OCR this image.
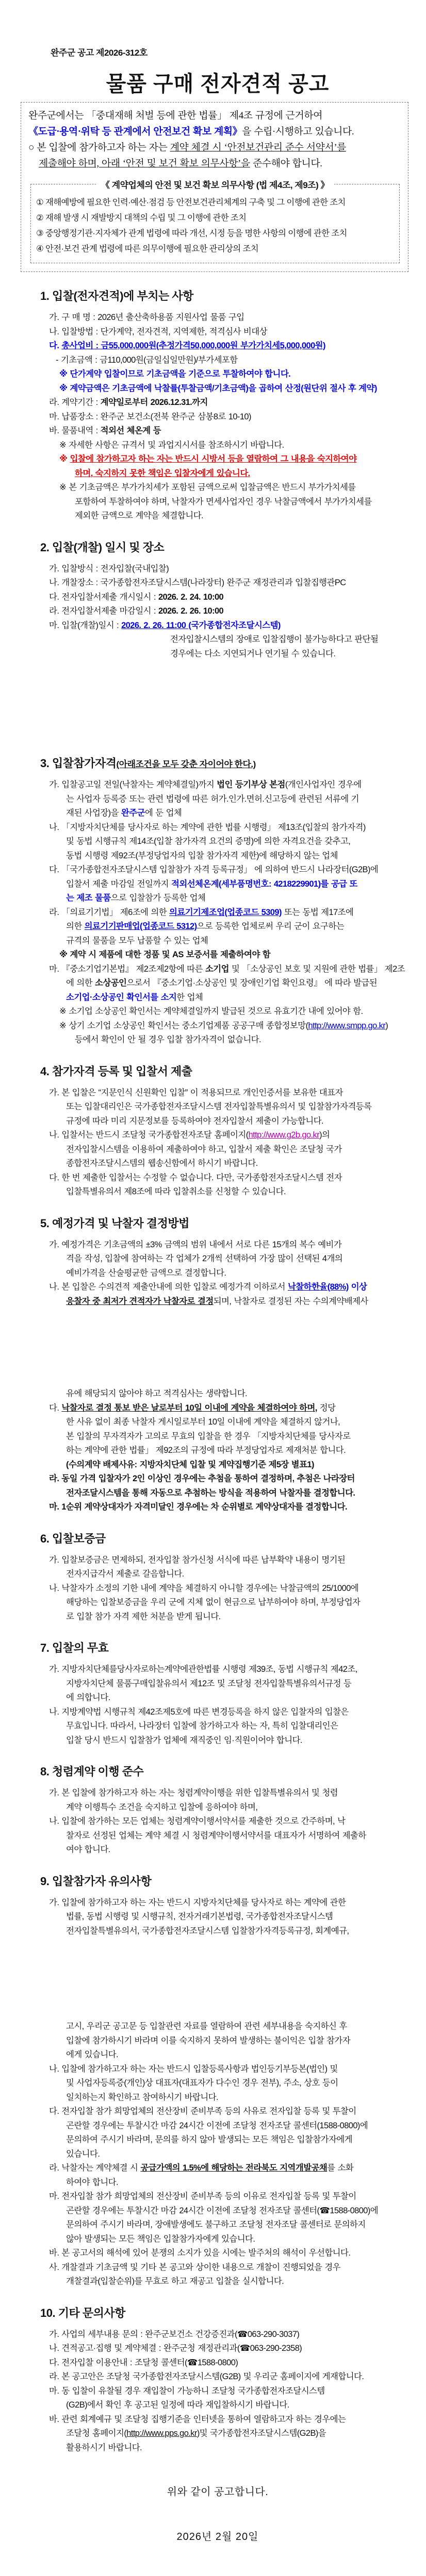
완주군 공고 제2026-312호
물품 구매 전자견적 공고
완주군에서는 「중대재해 처벌 등에 관한 법률」 제4조 규정에 근거하여
《도급·용역·위탁 등 관계에서 안전보건 확보 계획》을 수립·시행하고 있습니다.
○ 본 입찰에 참가하고자 하는 자는 계약 체결 시 ‘안전보건관리 준수 서약서’를
제출해야 하며, 아래 ‘안전 및 보건 확보 의무사항’을 준수해야 합니다.
《 계약업체의 안전 및 보건 확보 의무사항 (법 제4조, 제9조) 》
① 재해예방에 필요한 인력·예산·점검 등 안전보건관리체계의 구축 및 그 이행에 관한 조치
② 재해 발생 시 재발방지 대책의 수립 및 그 이행에 관한 조치
③ 중앙행정기관·지자체가 관계 법령에 따라 개선, 시정 등을 명한 사항의 이행에 관한 조치
④ 안전·보건 관계 법령에 따른 의무이행에 필요한 관리상의 조치
1. 입찰(전자견적)에 부치는 사항
가. 구 매 명 : 2026년 출산축하용품 지원사업 물품 구입
나. 입찰방법 : 단가계약, 전자견적, 지역제한, 적격심사 비대상
다. 총사업비 : 금55,000,000원(추정가격50,000,000원 부가가치세5,000,000원)
- 기초금액 : 금110,000원(금일십일만원)/부가세포함
※ 단가계약 입찰이므로 기초금액을 기준으로 투찰하여야 합니다.
※ 계약금액은 기초금액에 낙찰률(투찰금액/기초금액)을 곱하여 산정(원단위 절사 후 계약)
라. 계약기간 : 계약일로부터 2026.12.31.까지
마. 납품장소 : 완주군 보건소(전북 완주군 삼봉8로 10-10)
바. 물품내역 : 적외선 체온계 등
※ 자세한 사항은 규격서 및 과업지시서를 참조하시기 바랍니다.
※ 입찰에 참가하고자 하는 자는 반드시 시방서 등을 열람하여 그 내용을 숙지하여야
하며, 숙지하지 못한 책임은 입찰자에게 있습니다.
※ 본 기초금액은 부가가치세가 포함된 금액으로써 입찰금액은 반드시 부가가치세를
포함하여 투찰하여야 하며, 낙찰자가 면세사업자인 경우 낙찰금액에서 부가가치세를
제외한 금액으로 계약을 체결합니다.
2. 입찰(개찰) 일시 및 장소
가. 입찰방식 : 전자입찰(국내입찰)
나. 개찰장소 : 국가종합전자조달시스템(나라장터) 완주군 재정관리과 입찰집행관PC
다. 전자입찰서제출 개시일시 : 2026. 2. 24. 10:00
라. 전자입찰서제출 마감일시 : 2026. 2. 26. 10:00
마. 입찰(개찰)일시 : 2026. 2. 26. 11:00 (국가종합전자조달시스템)
전자입찰시스템의 장애로 입찰집행이 불가능하다고 판단될
경우에는 다소 지연되거나 연기될 수 있습니다.
3. 입찰참가자격(아래조건을 모두 갖춘 자이어야 한다.)
가. 입찰공고일 전일(낙찰자는 계약체결일)까지 법인 등기부상 본점(개인사업자인 경우에
는 사업자 등록증 또는 관련 법령에 따른 허가.인가.면허.신고등에 관련된 서류에 기
재된 사업장)을 완주군에 둔 업체
나. 「지방자치단체를 당사자로 하는 계약에 관한 법률 시행령」 제13조(입찰의 참가자격)
및 동법 시행규칙 제14조(입찰 참가자격 요건의 증명)에 의한 자격요건을 갖추고,
동법 시행령 제92조(부정당업자의 입찰 참가자격 제한)에 해당하지 않는 업체
다. 「국가종합전자조달시스템 입찰참가 자격 등록규정」 에 의하여 반드시 나라장터(G2B)에
입찰서 제출 마감일 전일까지 적외선체온계(세부품명번호: 4218229901)를 공급 또
는 제조 물품으로 입찰참가 등록한 업체
라. 「의료기기법」 제6조에 의한 의료기기제조업(업종코드 5309) 또는 동법 제17조에
의한 의료기기판매업(업종코드 5312)으로 등록한 업체로써 우리 군이 요구하는
규격의 물품을 모두 납품할 수 있는 업체
※ 계약 시 제품에 대한 정품 및 AS 보증서를 제출하여야 함
마. 『중소기업기본법』 제2조제2항에 따른 소기업 및 「소상공인 보호 및 지원에 관한 법률」 제2조
에 의한 소상공인으로서 『중소기업·소상공인 및 장애인기업 확인요령』 에 따라 발급된
소기업·소상공인 확인서를 소지한 업체
※ 소기업 소상공인 확인서는 계약체결일까지 발급된 것으로 유효기간 내에 있어야 함.
※ 상기 소기업 소상공인 확인서는 중소기업제품 공공구매 종합정보망(http://www.smpp.go.kr)
등에서 확인이 안 될 경우 입찰 참가자격이 없습니다.
4. 참가자격 등록 및 입찰서 제출
가. 본 입찰은 “지문인식 신원확인 입찰” 이 적용되므로 개인인증서를 보유한 대표자
또는 입찰대리인은 국가종합전자조달시스템 전자입찰특별유의서 및 입찰참가자격등록
규정에 따라 미리 지문정보를 등록하여야 전자입찰서 제출이 가능합니다.
나. 입찰서는 반드시 조달청 국가종합전자조달 홈페이지(http://www.g2b.go.kr)의
전자입찰시스템을 이용하여 제출하여야 하고, 입찰서 제출 확인은 조달청 국가
종합전자조달시스템의 웹송신함에서 하시기 바랍니다.
다. 한 번 제출한 입찰서는 수정할 수 없습니다. 다만, 국가종합전자조달시스템 전자
입찰특별유의서 제8조에 따라 입찰취소를 신청할 수 있습니다.
5. 예정가격 및 낙찰자 결정방법
가. 예정가격은 기초금액의 ±3% 금액의 범위 내에서 서로 다른 15개의 복수 예비가
격을 작성, 입찰에 참여하는 각 업체가 2개씩 선택하여 가장 많이 선택된 4개의
예비가격을 산술평균한 금액으로 결정합니다.
나. 본 입찰은 수의견적 제출안내에 의한 입찰로 예정가격 이하로서 낙찰하한율(88%) 이상
응찰자 중 최저가 견적자가 낙찰자로 결정되며, 낙찰자로 결정된 자는 수의계약배제사
유에 해당되지 않아야 하고 적격심사는 생략합니다.
다. 낙찰자로 결정 통보 받은 날로부터 10일 이내에 계약을 체결하여야 하며, 정당
한 사유 없이 최종 낙찰자 게시일로부터 10일 이내에 계약을 체결하지 않거나,
본 입찰의 무자격자가 고의로 무효의 입찰을 한 경우 「지방자치단체를 당사자로
하는 계약에 관한 법률」 제92조의 규정에 따라 부정당업자로 제재처분 합니다.
(수의계약 배제사유: 지방자치단체 입찰 및 계약집행기준 제5장 별표1)
라. 동일 가격 입찰자가 2인 이상인 경우에는 추첨을 통하여 결정하며, 추첨은 나라장터
전자조달시스템을 통해 자동으로 추첨하는 방식을 적용하여 낙찰자를 결정합니다.
마. 1순위 계약상대자가 자격미달인 경우에는 차 순위별로 계약상대자를 결정합니다.
6. 입찰보증금
가. 입찰보증금은 면제하되, 전자입찰 참가신청 서식에 따른 납부확약 내용이 명기된
전자지급각서 제출로 갈음합니다.
나. 낙찰자가 소정의 기한 내에 계약을 체결하지 아니할 경우에는 낙찰금액의 25/1000에
해당하는 입찰보증금을 우리 군에 지체 없이 현금으로 납부하여야 하며, 부정당업자
로 입찰 참가 자격 제한 처분을 받게 됩니다.
7. 입찰의 무효
가. 지방자치단체를당사자로하는계약에관한법률 시행령 제39조, 동법 시행규칙 제42조,
지방자치단체 물품구매입찰유의서 제12조 및 조달청 전자입찰특별유의서규정 등
에 의합니다.
나. 지방계약법 시행규칙 제42조제5호에 따른 변경등록을 하지 않은 입찰자의 입찰은
무효입니다. 따라서, 나라장터 입찰에 참가하고자 하는 자, 특히 입찰대리인은
입찰 당시 반드시 입찰참가 업체에 재직중인 임·직원이어야 합니다.
8. 청렴계약 이행 준수
가. 본 입찰에 참가하고자 하는 자는 청렴계약이행을 위한 입찰특별유의서 및 청렴
계약 이행특수 조건을 숙지하고 입찰에 응하여야 하며,
나. 입찰에 참가하는 모든 업체는 청렴계약이행서약서를 제출한 것으로 간주하며, 낙
찰자로 선정된 업체는 계약 체결 시 청렴계약이행서약서를 대표자가 서명하여 제출하
여야 합니다.
9. 입찰참가자 유의사항
가. 입찰에 참가하고자 하는 자는 반드시 지방자치단체를 당사자로 하는 계약에 관한
법률, 동법 시행령 및 시행규칙, 전자거래기본법령, 국가종합전자조달시스템
전자입찰특별유의서, 국가종합전자조달시스템 입찰참가자격등록규정, 회계예규,
고시, 우리군 공고문 등 입찰관련 자료를 열람하여 관련 세부내용을 숙지하신 후
입찰에 참가하시기 바라며 이를 숙지하지 못하여 발생하는 불이익은 입찰 참가자
에게 있습니다.
나. 입찰에 참가하고자 하는 자는 반드시 입찰등록사항과 법인등기부등본(법인) 및
및 사업자등록증(개인)상 대표자(대표자가 다수인 경우 전부), 주소, 상호 등이
일치하는지 확인하고 참여하시기 바랍니다.
다. 전자입찰 참가 희망업체의 전산장비 준비부족 등의 사유로 전자입찰 등록 및 투찰이
곤란할 경우에는 투찰시간 마감 24시간 이전에 조달청 전자조달 콜센터(1588-0800)에
문의하여 주시기 바라며, 문의를 하지 않아 발생되는 모든 책임은 입찰참가자에게
있습니다.
라. 낙찰자는 계약체결 시 공급가액의 1.5%에 해당하는 전라북도 지역개발공채를 소화
하여야 합니다.
마. 전자입찰 참가 희망업체의 전산장비 준비부족 등의 이유로 전자입찰 등록 및 투찰이
곤란할 경우에는 투찰시간 마감 24시간 이전에 조달청 전자조달 콜센터(☎1588-0800)에
문의하여 주시기 바라며, 장애발생에도 불구하고 조달청 전자조달 콜센터로 문의하지
않아 발생되는 모든 책임은 입찰참가자에게 있습니다.
바. 본 공고서의 해석에 있어 분쟁의 소지가 있을 시에는 발주처의 해석이 우선합니다.
사. 개찰결과 기초금액 및 기타 본 공고와 상이한 내용으로 개찰이 진행되었을 경우
개찰결과(입찰순위)를 무효로 하고 재공고 입찰을 실시합니다.
10. 기타 문의사항
가. 사업의 세부내용 문의 : 완주군보건소 건강증진과(☎063-290-3037)
나. 견적공고·집행 및 계약체결 : 완주군청 재정관리과(☎063-290-2358)
다. 전자입찰 이용안내 : 조달청 콜센터(☎1588-0800)
라. 본 공고안은 조달청 국가종합전자조달시스템(G2B) 및 우리군 홈페이지에 게재합니다.
마. 동 입찰이 유찰될 경우 재입찰이 가능하니 조달청 국가종합전자조달시스템
(G2B)에서 확인 후 공고된 일정에 따라 재입찰하시기 바랍니다.
바. 관련 회계예규 및 조달청 집행기준을 인터넷을 통하여 열람하고자 하는 경우에는
조달청 홈페이지(http://www.pps.go.kr)및 국가종합전자조달시스템(G2B)을
활용하시기 바랍니다.
위와 같이 공고합니다.
2026년 2월 20일
